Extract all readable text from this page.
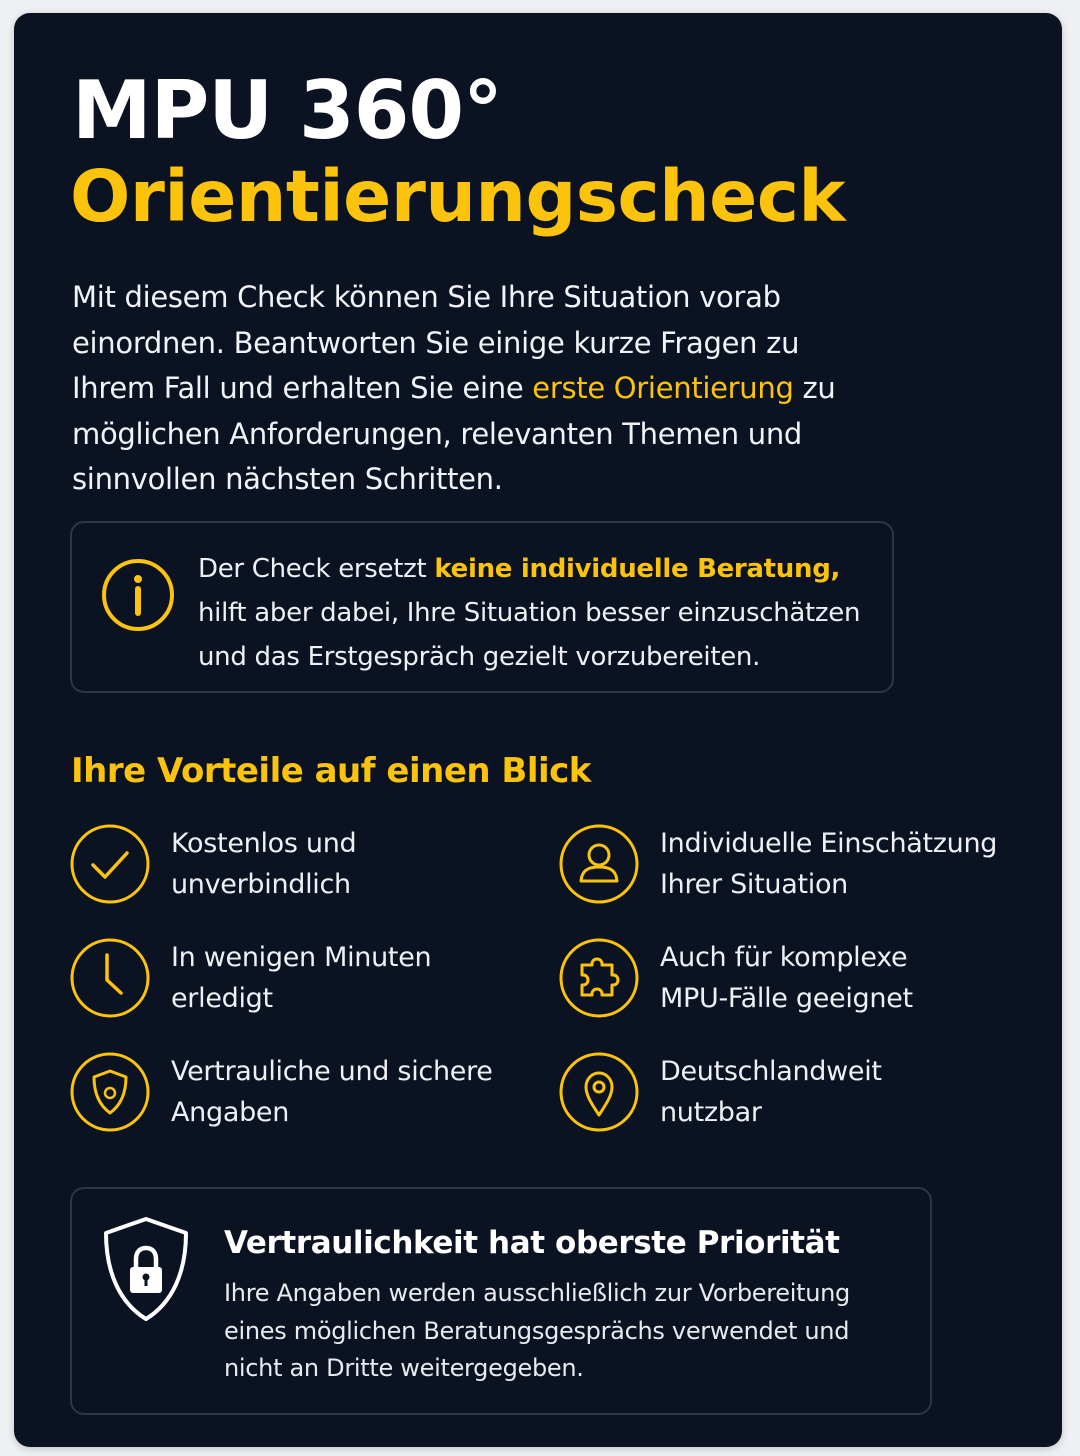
MPU 360°
Orientierungscheck

Mit diesem Check können Sie Ihre Situation vorab einordnen. Beantworten Sie einige kurze Fragen zu Ihrem Fall und erhalten Sie eine erste Orientierung zu möglichen Anforderungen, relevanten Themen und sinnvollen nächsten Schritten.

Der Check ersetzt keine individuelle Beratung, hilft aber dabei, Ihre Situation besser einzuschätzen und das Erstgespräch gezielt vorzubereiten.

Ihre Vorteile auf einen Blick

Kostenlos und
unverbindlich

Individuelle Einschätzung
Ihrer Situation

In wenigen Minuten
erledigt

Auch für komplexe
MPU-Fälle geeignet

Vertrauliche und sichere
Angaben

Deutschlandweit
nutzbar

Vertraulichkeit hat oberste Priorität

Ihre Angaben werden ausschließlich zur Vorbereitung eines möglichen Beratungsgesprächs verwendet und nicht an Dritte weitergegeben.
